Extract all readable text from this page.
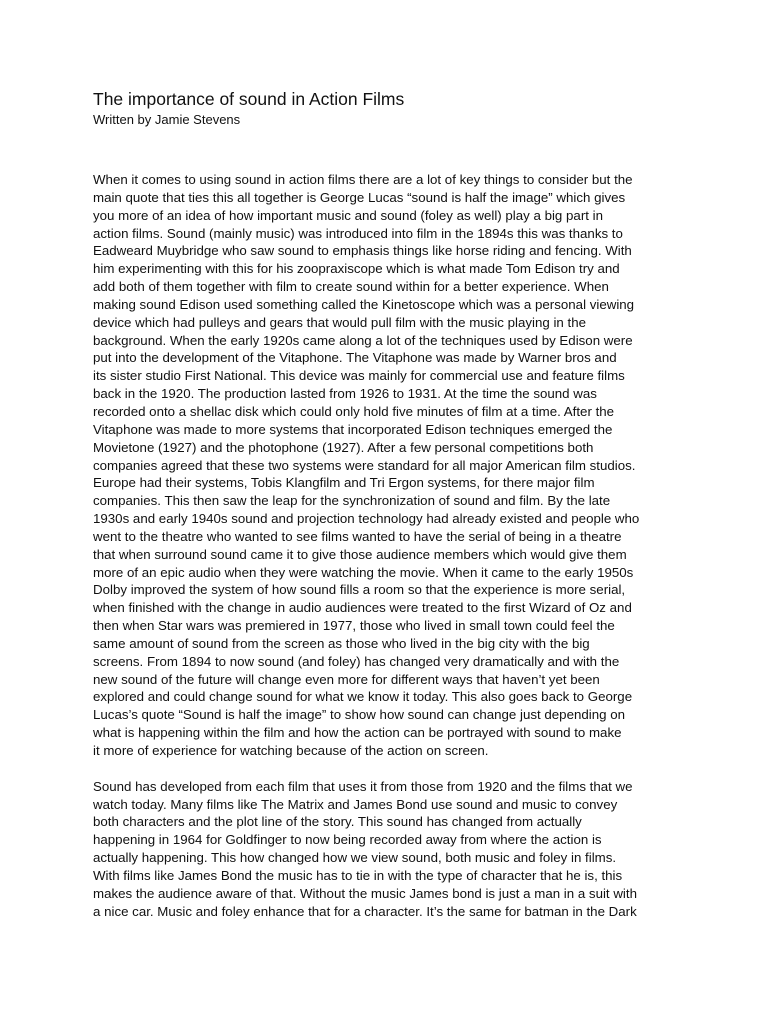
The importance of sound in Action Films

Written by Jamie Stevens

When it comes to using sound in action films there are a lot of key things to consider but the
main quote that ties this all together is George Lucas “sound is half the image” which gives
you more of an idea of how important music and sound (foley as well) play a big part in
action films. Sound (mainly music) was introduced into film in the 1894s this was thanks to
Eadweard Muybridge who saw sound to emphasis things like horse riding and fencing. With
him experimenting with this for his zoopraxiscope which is what made Tom Edison try and
add both of them together with film to create sound within for a better experience. When
making sound Edison used something called the Kinetoscope which was a personal viewing
device which had pulleys and gears that would pull film with the music playing in the
background. When the early 1920s came along a lot of the techniques used by Edison were
put into the development of the Vitaphone. The Vitaphone was made by Warner bros and
its sister studio First National. This device was mainly for commercial use and feature films
back in the 1920. The production lasted from 1926 to 1931. At the time the sound was
recorded onto a shellac disk which could only hold five minutes of film at a time. After the
Vitaphone was made to more systems that incorporated Edison techniques emerged the
Movietone (1927) and the photophone (1927). After a few personal competitions both
companies agreed that these two systems were standard for all major American film studios.
Europe had their systems, Tobis Klangfilm and Tri Ergon systems, for there major film
companies. This then saw the leap for the synchronization of sound and film. By the late
1930s and early 1940s sound and projection technology had already existed and people who
went to the theatre who wanted to see films wanted to have the serial of being in a theatre
that when surround sound came it to give those audience members which would give them
more of an epic audio when they were watching the movie. When it came to the early 1950s
Dolby improved the system of how sound fills a room so that the experience is more serial,
when finished with the change in audio audiences were treated to the first Wizard of Oz and
then when Star wars was premiered in 1977, those who lived in small town could feel the
same amount of sound from the screen as those who lived in the big city with the big
screens. From 1894 to now sound (and foley) has changed very dramatically and with the
new sound of the future will change even more for different ways that haven’t yet been
explored and could change sound for what we know it today. This also goes back to George
Lucas’s quote “Sound is half the image” to show how sound can change just depending on
what is happening within the film and how the action can be portrayed with sound to make
it more of experience for watching because of the action on screen.
Sound has developed from each film that uses it from those from 1920 and the films that we
watch today. Many films like The Matrix and James Bond use sound and music to convey
both characters and the plot line of the story. This sound has changed from actually
happening in 1964 for Goldfinger to now being recorded away from where the action is
actually happening. This how changed how we view sound, both music and foley in films.
With films like James Bond the music has to tie in with the type of character that he is, this
makes the audience aware of that. Without the music James bond is just a man in a suit with
a nice car. Music and foley enhance that for a character. It’s the same for batman in the Dark
